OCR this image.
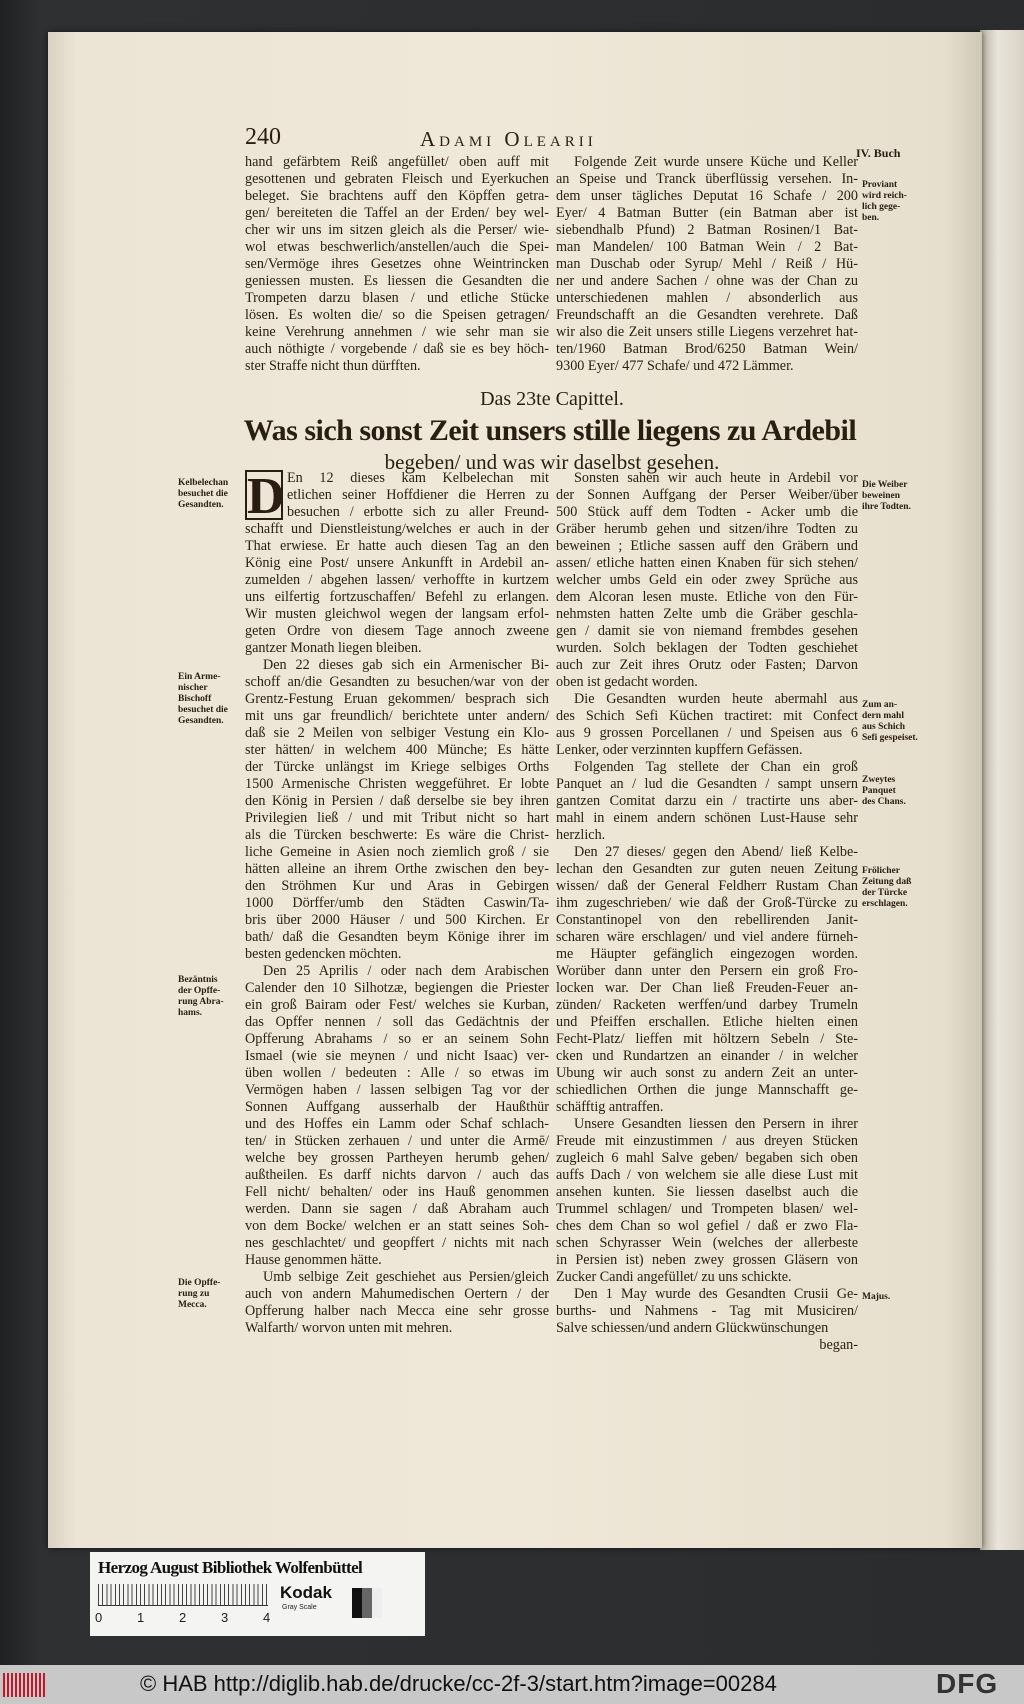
240	Adami Olearii
IV. Buch
hand gefärbtem Reiß angefüllet/ oben auff mit
gesottenen und gebraten Fleisch und Eyerkuchen
beleget. Sie brachtens auff den Köpffen getra-
gen/ bereiteten die Taffel an der Erden/ bey wel-
cher wir uns im sitzen gleich als die Perser/ wie-
wol etwas beschwerlich/anstellen/auch die Spei-
sen/Vermöge ihres Gesetzes ohne Weintrincken
geniessen musten. Es liessen die Gesandten die
Trompeten darzu blasen / und etliche Stücke
lösen. Es wolten die/ so die Speisen getragen/
keine Verehrung annehmen / wie sehr man sie
auch nöthigte / vorgebende / daß sie es bey höch-
ster Straffe nicht thun dürfften.
Folgende Zeit wurde unsere Küche und Keller
an Speise und Tranck überflüssig versehen. In-
dem unser tägliches Deputat 16 Schafe / 200
Eyer/ 4 Batman Butter (ein Batman aber ist
siebendhalb Pfund) 2 Batman Rosinen/1 Bat-
man Mandelen/ 100 Batman Wein / 2 Bat-
man Duschab oder Syrup/ Mehl / Reiß / Hü-
ner und andere Sachen / ohne was der Chan zu
unterschiedenen mahlen / absonderlich aus
Freundschafft an die Gesandten verehrete. Daß
wir also die Zeit unsers stille Liegens verzehret hat-
ten/1960 Batman Brod/6250 Batman Wein/
9300 Eyer/ 477 Schafe/ und 472 Lämmer.
Das 23te Capittel.
Was sich sonst Zeit unsers stille liegens zu Ardebil
begeben/ und was wir daselbst gesehen.
D En 12 dieses kam Kelbelechan mit
etlichen seiner Hoffdiener die Herren zu
besuchen / erbotte sich zu aller Freund-
schafft und Dienstleistung/welches er auch in der
That erwiese. Er hatte auch diesen Tag an den
König eine Post/ unsere Ankunfft in Ardebil an-
zumelden / abgehen lassen/ verhoffte in kurtzem
uns eilfertig fortzuschaffen/ Befehl zu erlangen.
Wir musten gleichwol wegen der langsam erfol-
geten Ordre von diesem Tage annoch zweene
gantzer Monath liegen bleiben.
Den 22 dieses gab sich ein Armenischer Bi-
schoff an/die Gesandten zu besuchen/war von der
Grentz-Festung Eruan gekommen/ besprach sich
mit uns gar freundlich/ berichtete unter andern/
daß sie 2 Meilen von selbiger Vestung ein Klo-
ster hätten/ in welchem 400 Münche; Es hätte
der Türcke unlängst im Kriege selbiges Orths
1500 Armenische Christen weggeführet. Er lobte
den König in Persien / daß derselbe sie bey ihren
Privilegien ließ / und mit Tribut nicht so hart
als die Türcken beschwerte: Es wäre die Christ-
liche Gemeine in Asien noch ziemlich groß / sie
hätten alleine an ihrem Orthe zwischen den bey-
den Ströhmen Kur und Aras in Gebirgen
1000 Dörffer/umb den Städten Caswin/Ta-
bris über 2000 Häuser / und 500 Kirchen. Er
bath/ daß die Gesandten beym Könige ihrer im
besten gedencken möchten.
Den 25 Aprilis / oder nach dem Arabischen
Calender den 10 Silhotzæ, begiengen die Priester
ein groß Bairam oder Fest/ welches sie Kurban,
das Opffer nennen / soll das Gedächtnis der
Opfferung Abrahams / so er an seinem Sohn
Ismael (wie sie meynen / und nicht Isaac) ver-
üben wollen / bedeuten : Alle / so etwas im
Vermögen haben / lassen selbigen Tag vor der
Sonnen Auffgang ausserhalb der Haußthür
und des Hoffes ein Lamm oder Schaf schlach-
ten/ in Stücken zerhauen / und unter die Armē/
welche bey grossen Partheyen herumb gehen/
außtheilen. Es darff nichts darvon / auch das
Fell nicht/ behalten/ oder ins Hauß genommen
werden. Dann sie sagen / daß Abraham auch
von dem Bocke/ welchen er an statt seines Soh-
nes geschlachtet/ und geopffert / nichts mit nach
Hause genommen hätte.
Umb selbige Zeit geschiehet aus Persien/gleich
auch von andern Mahumedischen Oertern / der
Opfferung halber nach Mecca eine sehr grosse
Walfarth/ worvon unten mit mehren.
Sonsten sahen wir auch heute in Ardebil vor
der Sonnen Auffgang der Perser Weiber/über
500 Stück auff dem Todten - Acker umb die
Gräber herumb gehen und sitzen/ihre Todten zu
beweinen ; Etliche sassen auff den Gräbern und
assen/ etliche hatten einen Knaben für sich stehen/
welcher umbs Geld ein oder zwey Sprüche aus
dem Alcoran lesen muste. Etliche von den Für-
nehmsten hatten Zelte umb die Gräber geschla-
gen / damit sie von niemand frembdes gesehen
wurden. Solch beklagen der Todten geschiehet
auch zur Zeit ihres Orutz oder Fasten; Darvon
oben ist gedacht worden.
Die Gesandten wurden heute abermahl aus
des Schich Sefi Küchen tractiret: mit Confect
aus 9 grossen Porcellanen / und Speisen aus 6
Lenker, oder verzinnten kupffern Gefässen.
Folgenden Tag stellete der Chan ein groß
Panquet an / lud die Gesandten / sampt unsern
gantzen Comitat darzu ein / tractirte uns aber-
mahl in einem andern schönen Lust-Hause sehr
herzlich.
Den 27 dieses/ gegen den Abend/ ließ Kelbe-
lechan den Gesandten zur guten neuen Zeitung
wissen/ daß der General Feldherr Rustam Chan
ihm zugeschrieben/ wie daß der Groß-Türcke zu
Constantinopel von den rebellirenden Janit-
scharen wäre erschlagen/ und viel andere fürneh-
me Häupter gefänglich eingezogen worden.
Worüber dann unter den Persern ein groß Fro-
locken war. Der Chan ließ Freuden-Feuer an-
zünden/ Racketen werffen/und darbey Trumeln
und Pfeiffen erschallen. Etliche hielten einen
Fecht-Platz/ lieffen mit höltzern Sebeln / Ste-
cken und Rundartzen an einander / in welcher
Ubung wir auch sonst zu andern Zeit an unter-
schiedlichen Orthen die junge Mannschafft ge-
schäfftig antraffen.
Unsere Gesandten liessen den Persern in ihrer
Freude mit einzustimmen / aus dreyen Stücken
zugleich 6 mahl Salve geben/ begaben sich oben
auffs Dach / von welchem sie alle diese Lust mit
ansehen kunten. Sie liessen daselbst auch die
Trummel schlagen/ und Trompeten blasen/ wel-
ches dem Chan so wol gefiel / daß er zwo Fla-
schen Schyrasser Wein (welches der allerbeste
in Persien ist) neben zwey grossen Gläsern von
Zucker Candi angefüllet/ zu uns schickte.
Den 1 May wurde des Gesandten Crusii Ge-
burths- und Nahmens - Tag mit Musiciren/
Salve schiessen/und andern Glückwünschungen
began-
Kelbelechan
besuchet die
Gesandten.
Ein Arme-
nischer
Bischoff
besuchet die
Gesandten.
Bezäntnis
der Opffe-
rung Abra-
hams.
Die Opffe-
rung zu
Mecca.
Proviant
wird reich-
lich gege-
ben.
Die Weiber
beweinen
ihre Todten.
Zum an-
dern mahl
aus Schich
Sefi gespeiset.
Zweytes
Panquet
des Chans.
Frölicher
Zeitung daß
der Türcke
erschlagen.
Majus.
Herzog August Bibliothek Wolfenbüttel
0	1	2	3	4
Kodak
Gray Scale
© HAB http://diglib.hab.de/drucke/cc-2f-3/start.htm?image=00284	DFG
